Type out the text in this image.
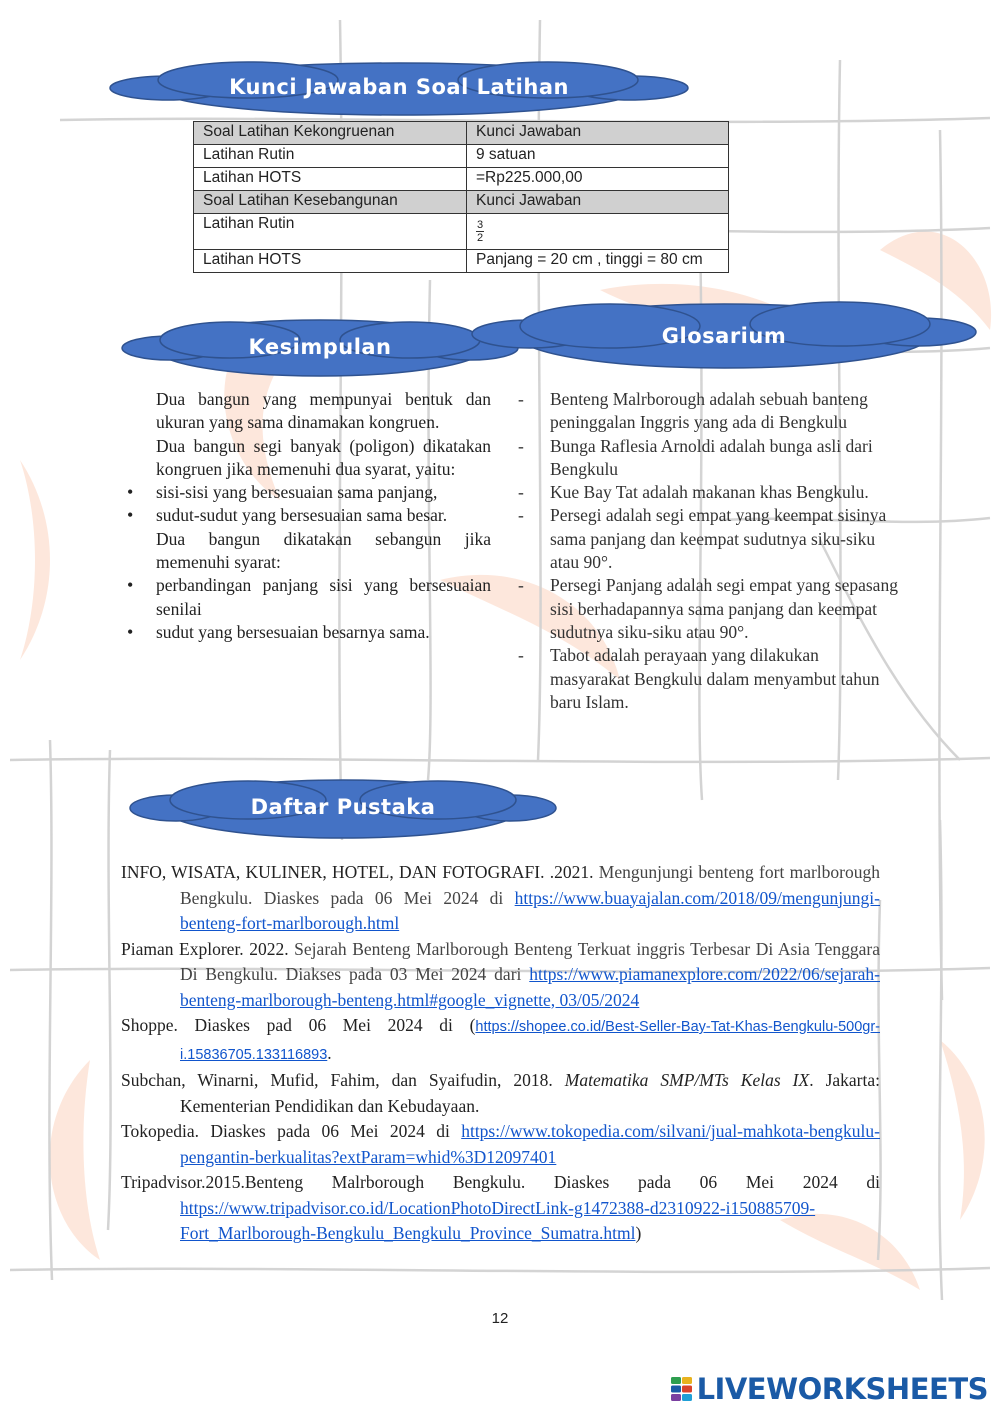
Kunci Jawaban Soal Latihan
Soal Latihan Kekongruenan	Kunci Jawaban
Latihan Rutin	9 satuan
Latihan HOTS	=Rp225.000,00
Soal Latihan Kesebangunan	Kunci Jawaban
Latihan Rutin	$\frac{3}{2}$

Latihan HOTS	Panjang = 20 cm , tinggi = 80 cm
Kesimpulan	Glosarium

Dua bangun yang mempunyai bentuk dan ukuran yang sama dinamakan kongruen.

Dua bangun segi banyak (poligon) dikatakan kongruen jika memenuhi dua syarat, yaitu:

• sisi-sisi yang bersesuaian sama panjang,
• sudut-sudut yang bersesuaian sama besar.

Dua bangun dikatakan sebangun jika memenuhi syarat:

• perbandingan panjang sisi yang bersesuaian senilai
• sudut yang bersesuaian besarnya sama.
- Benteng Malrborough adalah sebuah banteng peninggalan Inggris yang ada di Bengkulu
- Bunga Raflesia Arnoldi adalah bunga asli dari Bengkulu
- Kue Bay Tat adalah makanan khas Bengkulu.
- Persegi adalah segi empat yang keempat sisinya sama panjang dan keempat sudutnya siku-siku atau 90°.
- Persegi Panjang adalah segi empat yang sepasang sisi berhadapannya sama panjang dan keempat sudutnya siku-siku atau 90°.
- Tabot adalah perayaan yang dilakukan masyarakat Bengkulu dalam menyambut tahun baru Islam.
Daftar Pustaka

INFO, WISATA, KULINER, HOTEL, DAN FOTOGRAFI. .2021. Mengunjungi benteng fort marlborough Bengkulu. Diaskes pada 06 Mei 2024 di https://www.buayajalan.com/2018/09/mengunjungi-benteng-fort-marlborough.html

Piaman Explorer. 2022. Sejarah Benteng Marlborough Benteng Terkuat inggris Terbesar Di Asia Tenggara Di Bengkulu. Diakses pada 03 Mei 2024 dari https://www.piamanexplore.com/2022/06/sejarah-benteng-marlborough-benteng.html#google_vignette, 03/05/2024

Shoppe. Diaskes pad 06 Mei 2024 di (https://shopee.co.id/Best-Seller-Bay-Tat-Khas-Bengkulu-500gr-i.15836705.133116893.

Subchan, Winarni, Mufid, Fahim, dan Syaifudin, 2018. Matematika SMP/MTs Kelas IX. Jakarta: Kementerian Pendidikan dan Kebudayaan.

Tokopedia. Diaskes pada 06 Mei 2024 di https://www.tokopedia.com/silvani/jual-mahkota-bengkulu-pengantin-berkualitas?extParam=whid%3D12097401

Tripadvisor.2015.Benteng Malrborough Bengkulu. Diaskes pada 06 Mei 2024 di https://www.tripadvisor.co.id/LocationPhotoDirectLink-g1472388-d2310922-i150885709-Fort_Marlborough-Bengkulu_Bengkulu_Province_Sumatra.html)

12
LIVEWORKSHEETS
